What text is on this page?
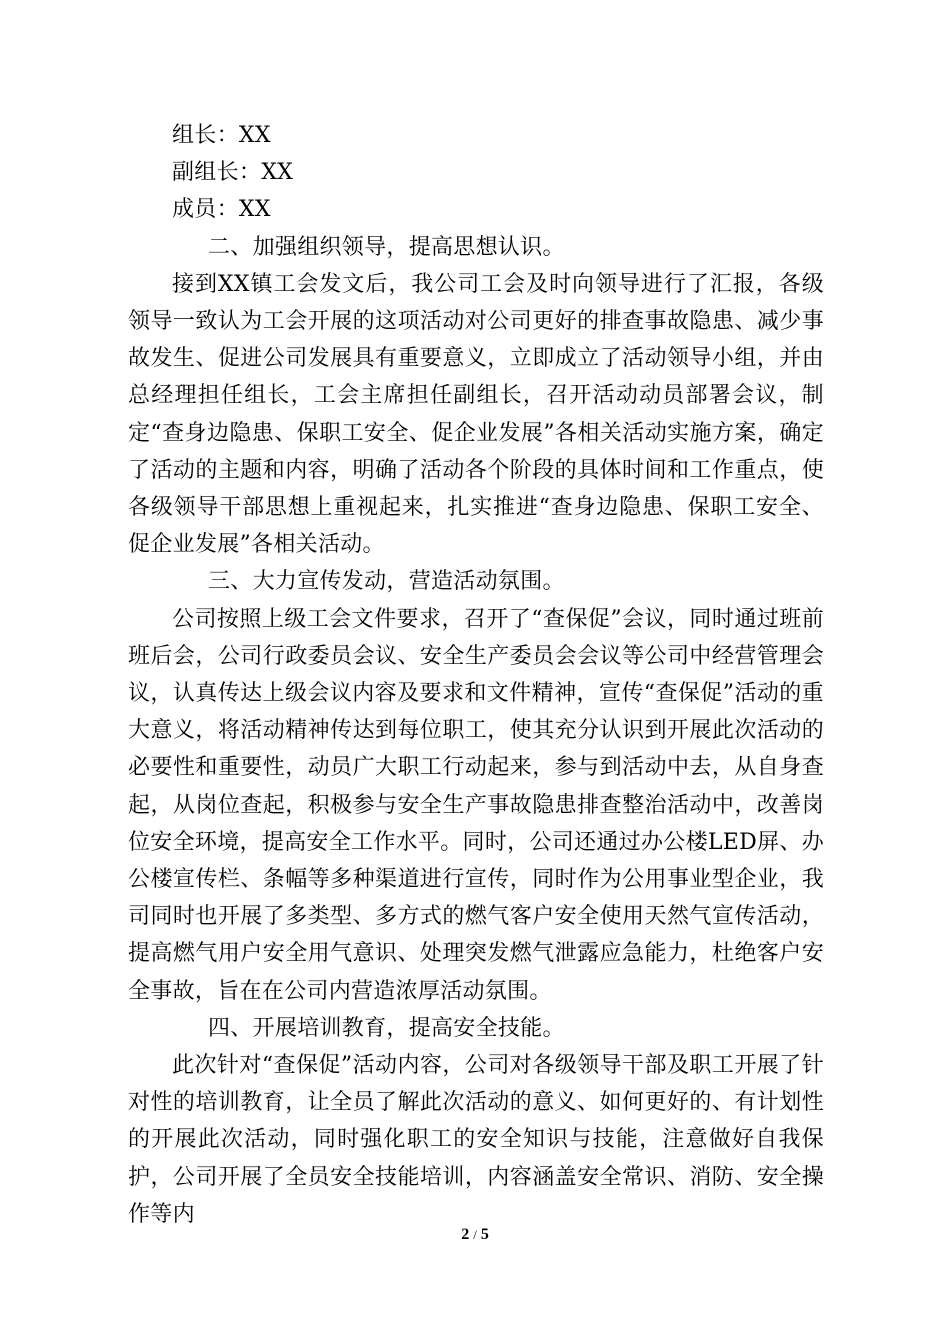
组长：XX

副组长：XX

成员：XX

二、加强组织领导，提高思想认识。

接到XX镇工会发文后，我公司工会及时向领导进行了汇报，各级领导一致认为工会开展的这项活动对公司更好的排查事故隐患、减少事故发生、促进公司发展具有重要意义，立即成立了活动领导小组，并由总经理担任组长，工会主席担任副组长，召开活动动员部署会议，制定“查身边隐患、保职工安全、促企业发展”各相关活动实施方案，确定了活动的主题和内容，明确了活动各个阶段的具体时间和工作重点，使各级领导干部思想上重视起来，扎实推进“查身边隐患、保职工安全、促企业发展”各相关活动。

三、大力宣传发动，营造活动氛围。

公司按照上级工会文件要求，召开了“查保促”会议，同时通过班前班后会，公司行政委员会议、安全生产委员会会议等公司中经营管理会议，认真传达上级会议内容及要求和文件精神，宣传“查保促”活动的重大意义，将活动精神传达到每位职工，使其充分认识到开展此次活动的必要性和重要性，动员广大职工行动起来，参与到活动中去，从自身查起，从岗位查起，积极参与安全生产事故隐患排查整治活动中，改善岗位安全环境，提高安全工作水平。同时，公司还通过办公楼LED屏、办公楼宣传栏、条幅等多种渠道进行宣传，同时作为公用事业型企业，我司同时也开展了多类型、多方式的燃气客户安全使用天然气宣传活动，提高燃气用户安全用气意识、处理突发燃气泄露应急能力，杜绝客户安全事故，旨在在公司内营造浓厚活动氛围。

四、开展培训教育，提高安全技能。

此次针对“查保促”活动内容，公司对各级领导干部及职工开展了针对性的培训教育，让全员了解此次活动的意义、如何更好的、有计划性的开展此次活动，同时强化职工的安全知识与技能，注意做好自我保护，公司开展了全员安全技能培训，内容涵盖安全常识、消防、安全操作等内

2 / 5
